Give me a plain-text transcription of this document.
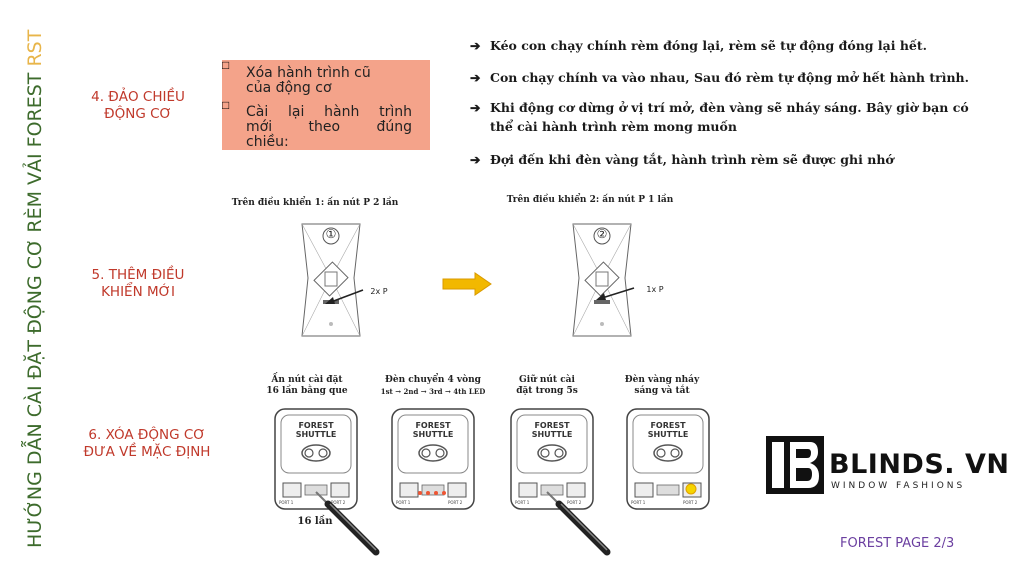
HƯỚNG DẪN CÀI ĐẶT ĐỘNG CƠ RÈM VẢI FOREST RST
4. ĐẢO CHIỀU
ĐỘNG CƠ
5. THÊM ĐIỀU
KHIỂN MỚI
6. XÓA ĐỘNG CƠ
ĐƯA VỀ MẶC ĐỊNH
□ Xóa hành trình cũ
của động cơ
□ Cài lại hành trình
mới theo đúng
chiều:
➔ Kéo con chạy chính rèm đóng lại, rèm sẽ tự động đóng lại hết.
➔ Con chạy chính va vào nhau, Sau đó rèm tự động mở hết hành trình.
➔ Khi động cơ dừng ở vị trí mở, đèn vàng sẽ nháy sáng. Bây giờ bạn có
thể cài hành trình rèm mong muốn
➔ Đợi đến khi đèn vàng tắt, hành trình rèm sẽ được ghi nhớ
Trên điều khiển 1: ấn nút P 2 lần	Trên điều khiển 2: ấn nút P 1 lần
①
2x P
②
1x P
Ấn nút cài đặt
16 lần bằng que
Đèn chuyển 4 vòng
1st → 2nd → 3rd → 4th LED
Giữ nút cài
đặt trong 5s
Đèn vàng nháy
sáng và tắt
FOREST
SHUTTLE
PORT 1	PORT 2
FOREST
SHUTTLE
PORT 1	PORT 2
FOREST
SHUTTLE
PORT 1	PORT 2
FOREST
SHUTTLE
PORT 1	PORT 2
16 lần
BLINDS. VN
WINDOW FASHIONS
FOREST PAGE 2/3
